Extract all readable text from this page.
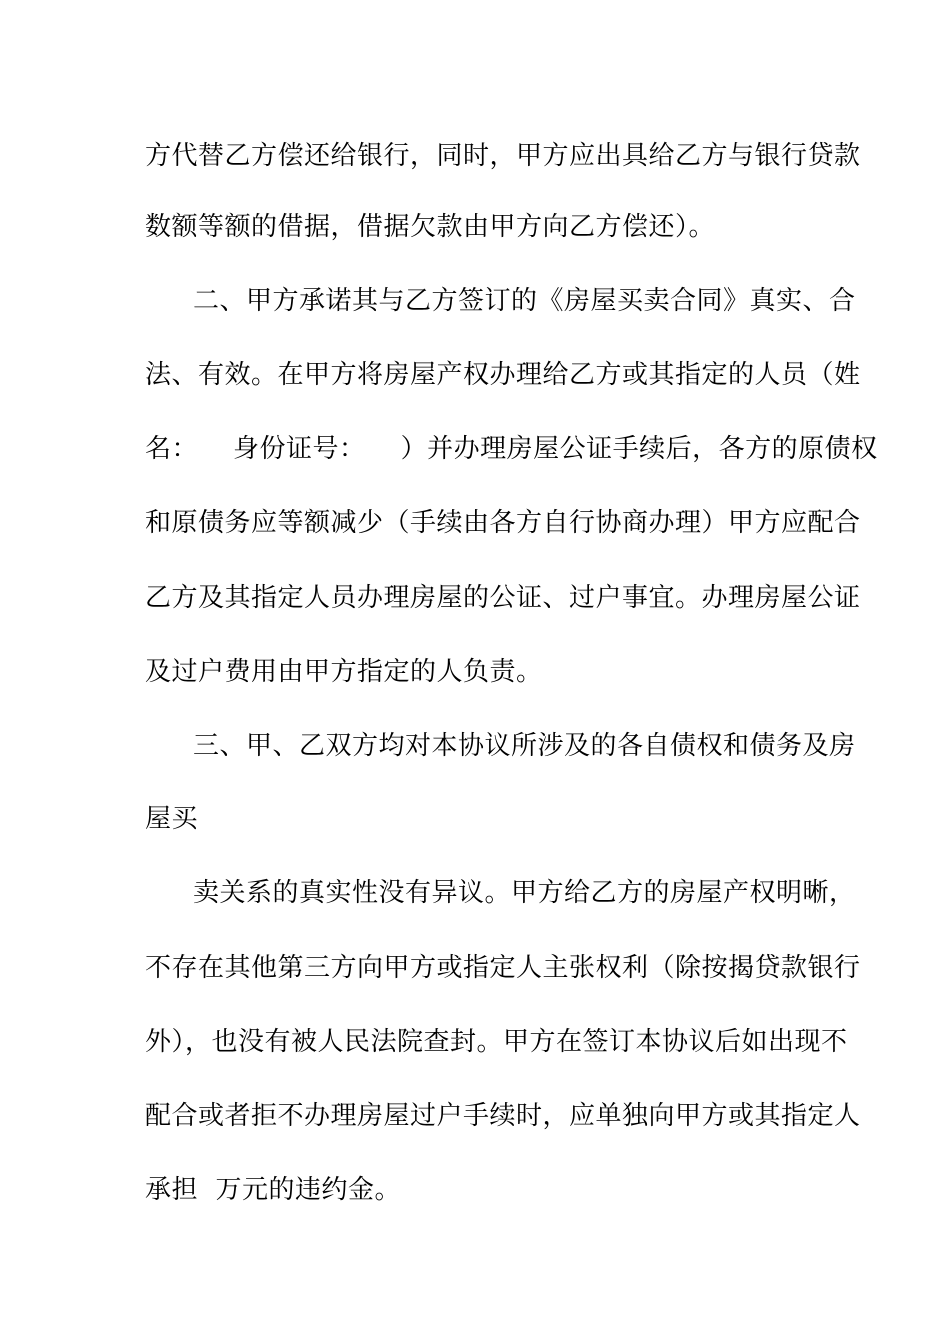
方代替乙方偿还给银行，同时，甲方应出具给乙方与银行贷款
数额等额的借据，借据欠款由甲方向乙方偿还）。
二、甲方承诺其与乙方签订的《房屋买卖合同》真实、合
法、有效。在甲方将房屋产权办理给乙方或其指定的人员（姓
名：    身份证号：    ）并办理房屋公证手续后，各方的原债权
和原债务应等额减少（手续由各方自行协商办理）甲方应配合
乙方及其指定人员办理房屋的公证、过户事宜。办理房屋公证
及过户费用由甲方指定的人负责。
三、甲、乙双方均对本协议所涉及的各自债权和债务及房
屋买
卖关系的真实性没有异议。甲方给乙方的房屋产权明晰，
不存在其他第三方向甲方或指定人主张权利（除按揭贷款银行
外），也没有被人民法院查封。甲方在签订本协议后如出现不
配合或者拒不办理房屋过户手续时，应单独向甲方或其指定人
承担  万元的违约金。
